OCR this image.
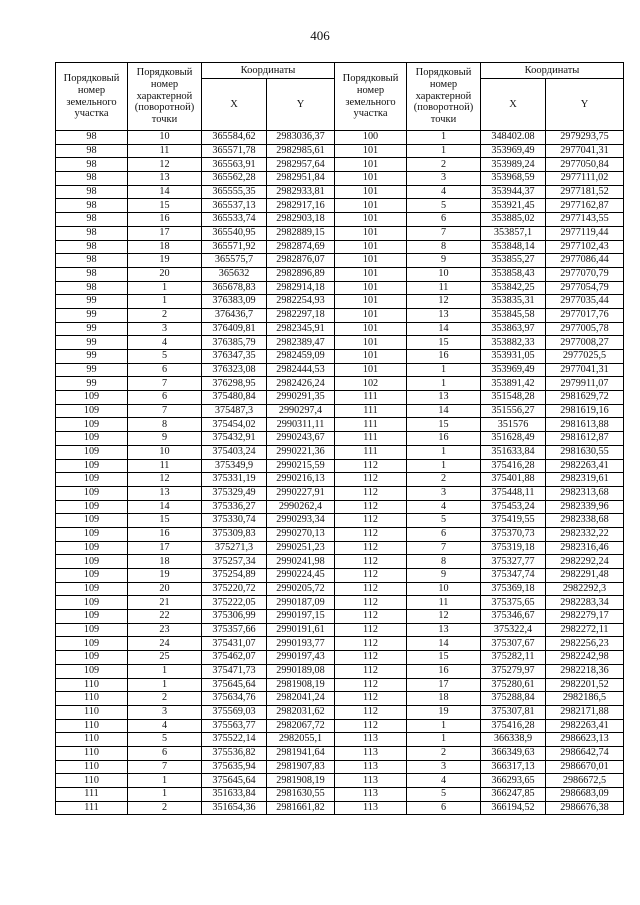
406
Порядковый номер земельного участка	Порядковый номер характерной (поворотной) точки	Координаты		Порядковый номер земельного участка	Порядковый номер характерной (поворотной) точки	Координаты	
		X	Y			X	Y
98	10	365584,62	2983036,37	100	1	348402.08	2979293,75
98	11	365571,78	2982985,61	101	1	353969,49	2977041,31
98	12	365563,91	2982957,64	101	2	353989,24	2977050,84
98	13	365562,28	2982951,84	101	3	353968,59	2977111,02
98	14	365555,35	2982933,81	101	4	353944,37	2977181,52
98	15	365537,13	2982917,16	101	5	353921,45	2977162,87
98	16	365533,74	2982903,18	101	6	353885,02	2977143,55
98	17	365540,95	2982889,15	101	7	353857,1	2977119,44
98	18	365571,92	2982874,69	101	8	353848,14	2977102,43
98	19	365575,7	2982876,07	101	9	353855,27	2977086,44
98	20	365632	2982896,89	101	10	353858,43	2977070,79
98	1	365678,83	2982914,18	101	11	353842,25	2977054,79
99	1	376383,09	2982254,93	101	12	353835,31	2977035,44
99	2	376436,7	2982297,18	101	13	353845,58	2977017,76
99	3	376409,81	2982345,91	101	14	353863,97	2977005,78
99	4	376385,79	2982389,47	101	15	353882,33	2977008,27
99	5	376347,35	2982459,09	101	16	353931,05	2977025,5
99	6	376323,08	2982444,53	101	1	353969,49	2977041,31
99	7	376298,95	2982426,24	102	1	353891,42	2979911,07
109	6	375480,84	2990291,35	111	13	351548,28	2981629,72
109	7	375487,3	2990297,4	111	14	351556,27	2981619,16
109	8	375454,02	2990311,11	111	15	351576	2981613,88
109	9	375432,91	2990243,67	111	16	351628,49	2981612,87
109	10	375403,24	2990221,36	111	1	351633,84	2981630,55
109	11	375349,9	2990215,59	112	1	375416,28	2982263,41
109	12	375331,19	2990216,13	112	2	375401,88	2982319,61
109	13	375329,49	2990227,91	112	3	375448,11	2982313,68
109	14	375336,27	2990262,4	112	4	375453,24	2982339,96
109	15	375330,74	2990293,34	112	5	375419,55	2982338,68
109	16	375309,83	2990270,13	112	6	375370,73	2982332,22
109	17	375271,3	2990251,23	112	7	375319,18	2982316,46
109	18	375257,34	2990241,98	112	8	375327,77	2982292,24
109	19	375254,89	2990224,45	112	9	375347,74	2982291,48
109	20	375220,72	2990205,72	112	10	375369,18	2982292,3
109	21	375222,05	2990187,09	112	11	375375,65	2982283,34
109	22	375306,99	2990197,15	112	12	375346,67	2982279,17
109	23	375357,66	2990191,61	112	13	375322,4	2982272,11
109	24	375431,07	2990193,77	112	14	375307,67	2982256,23
109	25	375462,07	2990197,43	112	15	375282,11	2982242,98
109	1	375471,73	2990189,08	112	16	375279,97	2982218,36
110	1	375645,64	2981908,19	112	17	375280,61	2982201,52
110	2	375634,76	2982041,24	112	18	375288,84	2982186,5
110	3	375569,03	2982031,62	112	19	375307,81	2982171,88
110	4	375563,77	2982067,72	112	1	375416,28	2982263,41
110	5	375522,14	2982055,1	113	1	366338,9	2986623,13
110	6	375536,82	2981941,64	113	2	366349,63	2986642,74
110	7	375635,94	2981907,83	113	3	366317,13	2986670,01
110	1	375645,64	2981908,19	113	4	366293,65	2986672,5
111	1	351633,84	2981630,55	113	5	366247,85	2986683,09
111	2	351654,36	2981661,82	113	6	366194,52	2986676,38
